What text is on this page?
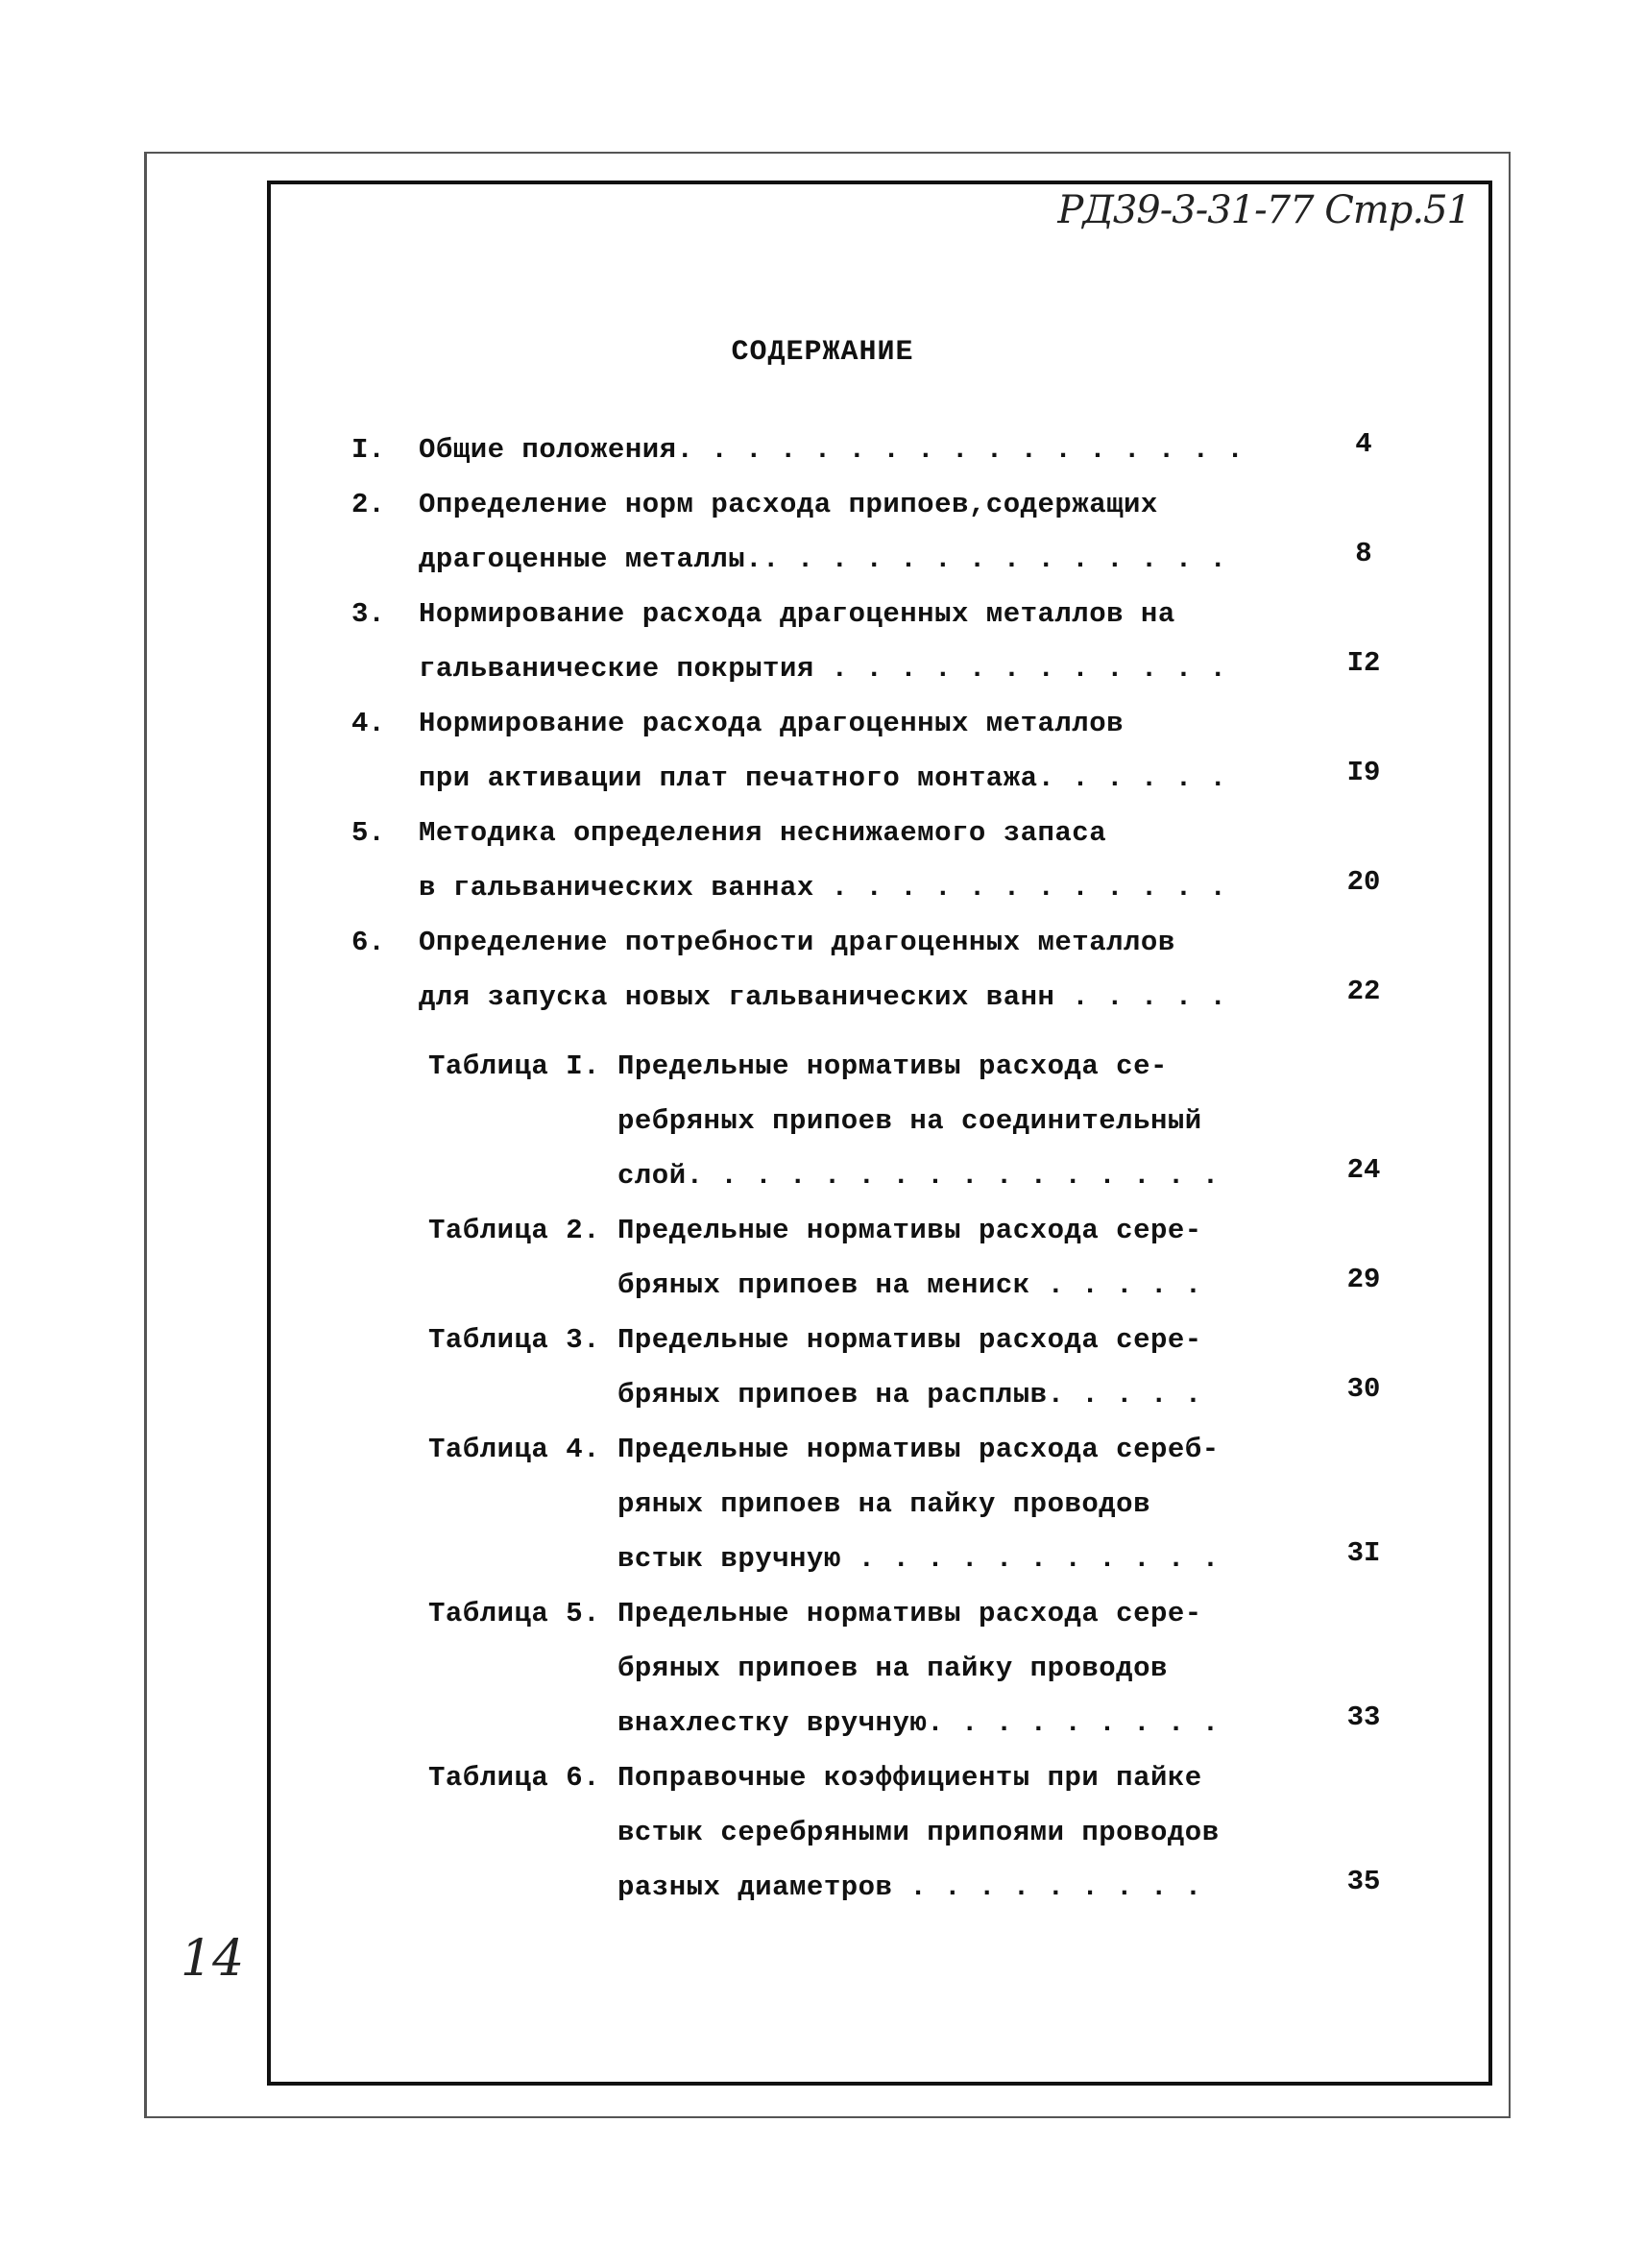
РД39-3-31-77 Стр.51
СОДЕРЖАНИЕ
I. Общие положения. . . . . . . . . . . . . . . . .	4
2. Определение норм расхода припоев,содержащих
драгоценные металлы.. . . . . . . . . . . . . .	8
3. Нормирование расхода драгоценных металлов на
гальванические покрытия . . . . . . . . . . . .	I2
4. Нормирование расхода драгоценных металлов
при активации плат печатного монтажа. . . . . .	I9
5. Методика определения неснижаемого запаса
в гальванических ваннах . . . . . . . . . . . .	20
6. Определение потребности драгоценных металлов
для запуска новых гальванических ванн . . . . .	22
Таблица I. Предельные нормативы расхода се-
ребряных припоев на соединительный
слой. . . . . . . . . . . . . . . .	24
Таблица 2. Предельные нормативы расхода сере-
бряных припоев на мениск . . . . .	29
Таблица 3. Предельные нормативы расхода сере-
бряных припоев на расплыв. . . . .	30
Таблица 4. Предельные нормативы расхода сереб-
ряных припоев на пайку проводов
встык вручную . . . . . . . . . . .	3I
Таблица 5. Предельные нормативы расхода сере-
бряных припоев на пайку проводов
внахлестку вручную. . . . . . . . .	33
Таблица 6. Поправочные коэффициенты при пайке
встык серебряными припоями проводов
разных диаметров . . . . . . . . .	35
14
